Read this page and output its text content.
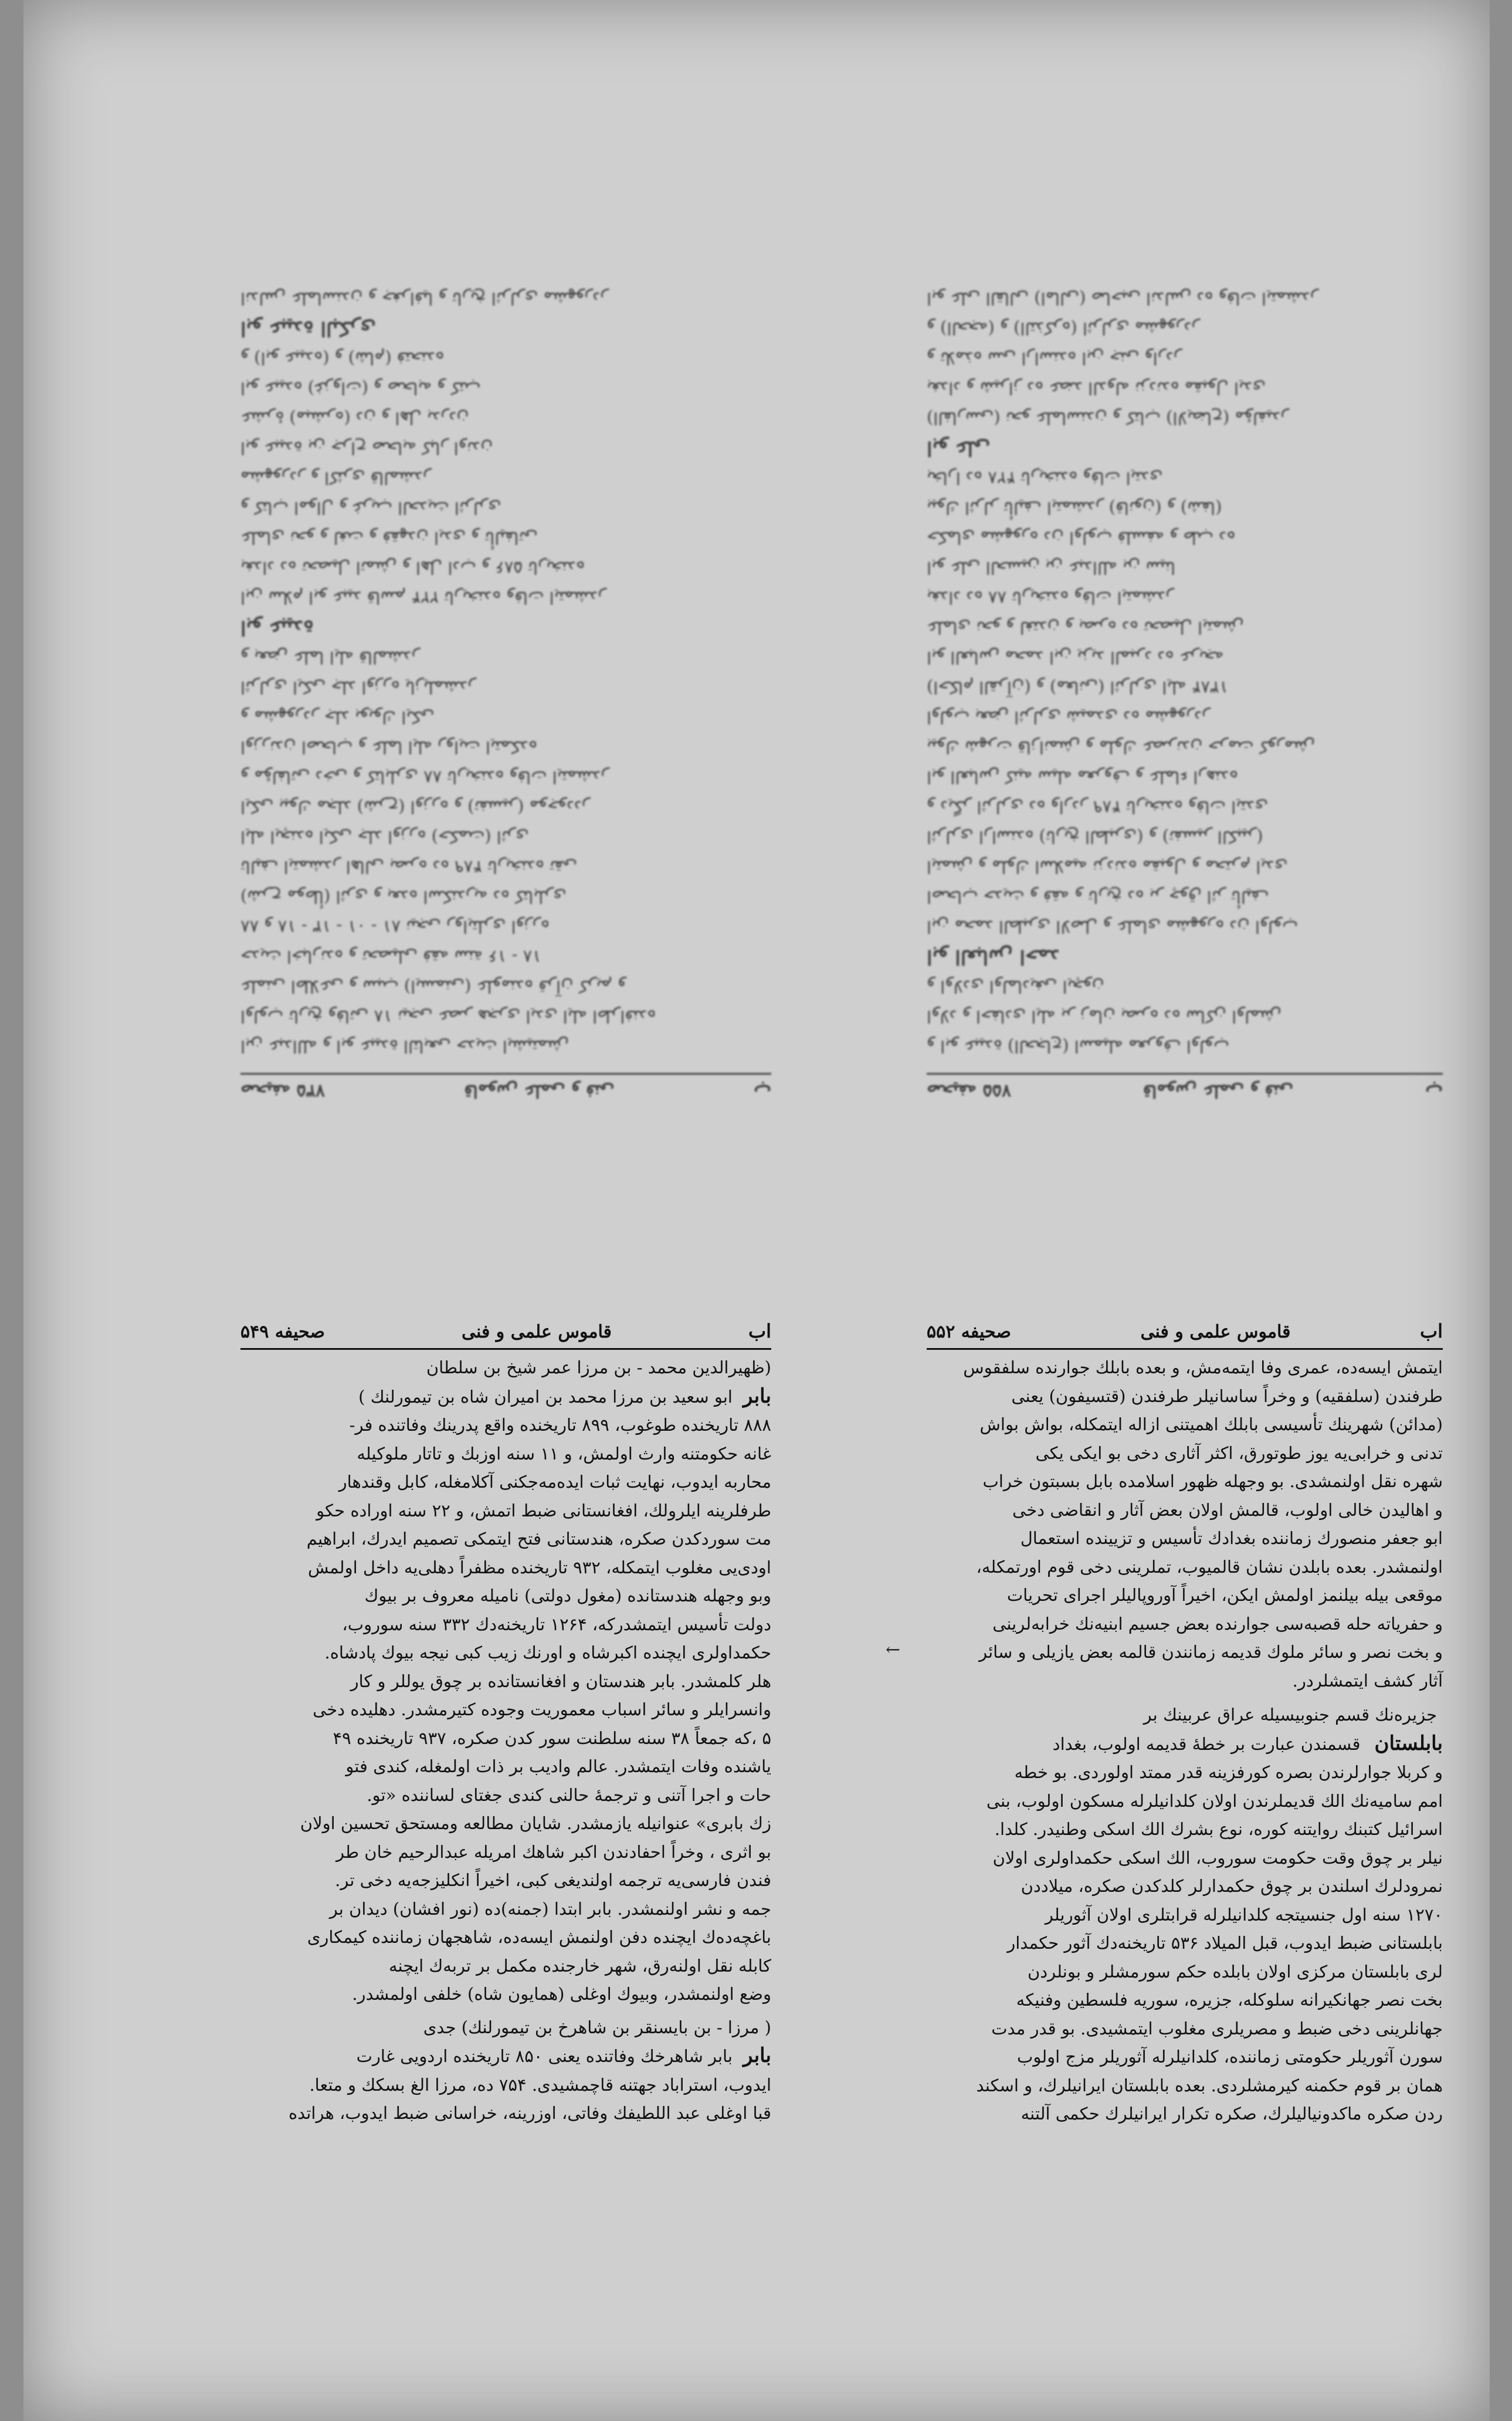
صحيفه ۷۳۵	قاموس علمى و فنى	ب

ابن عبدالله و ابو عبيدة التابعى حديث ايشيتمش

اولوب تاريخ وفاتى ۱۸ نيجى عصر هجرى ايدى ايله اطرافنده

علمنى اطلاعى و سبب (ايسمنى) علومنده قرآن كريم و

حديث اخبارنده و تحصيلى فقه سنة ۱۶ - ۱۸

۸۸ و ۱۸ - ۱۳ - ۰۱ - ۸۱ نيجى روايتلرى اوزره

(شرح موطأ) اثرى و بعده اسكندريه ده كتابلرى

تاليف ايتمشدر اهالى بصره ده ۴۸۹ تاريخنده تقى

ايله ايچنده ايكى جلد اوزره (حكمت) اثرى

ايكى بيوك مجلد (شرح) اوزره و (تفسير) موجوددر

و مؤلفاتى دخى و كتابلرى ۸۸ تاريخنده وفات ايتمشدر

اوزرندن اصحاب و علما ايله روايت ايتمكده

و مشهوردر جلد بويوك ايكى

اثرلرى ايكى جلد اوزره يازيلمشدر

و بعض علما ايله قالمشدر

ابو عبيدة

ابن سلام ابو عبيد قاسم ۲۲۴ تاريخنده وفات ايتمشدر

بغداد ده تحصيل اتمش و اهل ادب و ۵۸۶ تاريخنده

علماى نحو و لغت و فقهدن ايدى و تأليفاتى

و كتاب اموال و غريب الحديث اثرلرى

مشهوردر و اكثرى قالمشدر

ابو عبيدة بن جراح صحابه كبار اوندن

عشرۀ (مبشره) دن و اهل بدردن

ابو عبيده (غزوات) و صحابه و كتب

و (ابو عبيده) و (شام) فتحنده

ابو عبيدة البكرى

اندلس علماسندن و جغرافيا و تاريخ اثرلرى مشهوردر

صحيفه ۷۵۵	قاموس علمى و فنى	ب

و ابو عبيدة (الحجاج) اسميله معروف اولوب

اولاد و احفادى ايله بر زمان بصره ده ساكن اولمش

و اولادى اولماديغى ايچون

ابو العباس احمد

ابن محمد الطبرى الاصل و علماى مشهوره دن اولوب

اصحاب حديث و فقه و تاريخ ده بر چوق اثر تأليف

ايتمش و ملوك اسلاميه نزدنده مقبول و محترم ايدى

اثرلرى اراسنده (تاريخ الطبرى) و (تفسير الكبير)

و ديگر اثرلرى ده واردر ۴۸۹ تاريخنده وفات ايتدى

ابو العباس كنيه سيله معروف و علماء ارهنده

بيوك شهرت قازانمش و ملوك عصرندن حرمت كورمش

اولوب بعض اثرلرى شيمدى ده مشهوردر

(احكام القرآن) و (معانى) اثرلرى ايله ۱۳۸۴

ابو العباس محمد ابن يزيد المبرد ده عربجه

علماى نحو و لغتدن و بصره ده تحصيل ايتمش

بغداد ده ۸۸ تاريخنده وفات ايتمشدر

ابو على الحسين بن عبدالله بن سينا

حكماى مشهوره دن اولوب فلسفه و طب ده

بيوك اثرلر تأليف ايتمشدر (قانون) و (شفا)

بخارا ده ۴۲۸ تاريخنده وفات ايتدى

ابو على

(الفارسى) نحو علماسندن و كتاب (الايضاح) مؤلفيدر

بغداد و شيراز ده عضد الدوله نزدنده مقبول ايدى

و تلامذه سى اراسنده ابن جنى واردر

و (الحجه) و (التذكره) اثرلرى مشهوردر

ابو على القالى (امالى) صاحبى اندلس ده وفات ايتمشدر

اب
قاموس علمى و فنى
صحيفه ۵۴۹

(ظهيرالدين محمد - بن مرزا عمر شيخ بن سلطان

بابر

ابو سعيد بن مرزا محمد بن اميران شاه بن تيمورلنك )

۸۸۸ تاريخنده طوغوب، ۸۹۹ تاريخنده واقع پدرينك وفاتنده فر-

غانه حكومتنه وارث اولمش، و ۱۱ سنه اوزبك و تاتار ملوكيله

محاربه ايدوب، نهايت ثبات ايده‌مه‌جكنى آكلامغله، كابل وقندهار

طرفلرينه ايلرولك، افغانستانى ضبط اتمش، و ۲۲ سنه اوراده حكو

مت سوردكدن صكره، هندستانى فتح ايتمكى تصميم ايدرك، ابراهيم

اودى‌يى مغلوب ايتمكله، ۹۳۲ تاريخنده مظفراً دهلى‌يه داخل اولمش

وبو وجهله هندستانده (مغول دولتى) ناميله معروف بر بيوك

دولت تأسيس ايتمشدركه، ۱۲۶۴ تاريخنه‌دك ۳۳۲ سنه سوروب،

حكمداولرى ايچنده اكبرشاه و اورنك زيب كبى نيجه بيوك پادشاه.

هلر كلمشدر. بابر هندستان و افغانستانده بر چوق يوللر و كار

وانسرايلر و سائر اسباب معموريت وجوده كتيرمشدر. دهليده دخى

۵ ،كه جمعاً ۳۸ سنه سلطنت سور كدن صكره، ۹۳۷ تاريخنده ۴۹

ياشنده وفات ايتمشدر. عالم واديب بر ذات اولمغله، كندى فتو

حات و اجرا آتنى و ترجمۀ حالنى كندى جغتاى لساننده «تو.

زك بابرى» عنوانيله يازمشدر. شايان مطالعه ومستحق تحسين اولان

بو اثرى ، وخراً احفادندن اكبر شاهك امريله عبدالرحيم خان طر

فندن فارسى‌يه ترجمه اولنديغى كبى، اخيراً انكليزجه‌يه دخى تر.

جمه و نشر اولنمشدر. بابر ابتدا (جمنه)ده (نور افشان) ديدان بر

باغچه‌ده‌ك ايچنده دفن اولنمش ايسه‌ده، شاهجهان زماننده كيمكارى

كابله نقل اولنه‌رق، شهر خارجنده مكمل بر تربه‌ك ايچنه

وضع اولنمشدر، وبيوك اوغلى (همايون شاه) خلفى اولمشدر.

( مرزا - بن بايسنقر بن شاهرخ بن تيمورلنك) جدى

بابر

بابر شاهرخك وفاتنده يعنى ۸۵۰ تاريخنده اردويى غارت

ايدوب، استراباد جهتنه قاچمشيدى. ۷۵۴ ده، مرزا الغ بسكك و متعا.

قبا اوغلى عبد اللطيفك وفاتى، اوزرينه، خراسانى ضبط ايدوب، هراتده

اب
قاموس علمى و فنى
صحيفه ۵۵۲

ايتمش ايسه‌ده، عمرى وفا ايتمه‌مش، و بعده بابلك جوارنده سلفقوس

طرفندن (سلفقيه) و وخراً ساسانيلر طرفندن (قتسيفون) يعنى

(مدائن) شهرينك تأسيسى بابلك اهميتنى ازاله ايتمكله، بواش بواش

تدنى و خرابى‌يه يوز طوتورق، اكثر آثارى دخى بو ايكى يكى

شهره نقل اولنمشدى. بو وجهله ظهور اسلامده بابل بسبتون خراب

و اهاليدن خالى اولوب، قالمش اولان بعض آثار و انقاضى دخى

ابو جعفر منصورك زماننده بغدادك تأسيس و تزيينده استعمال

اولنمشدر. بعده بابلدن نشان قالميوب، تملرينى دخى قوم اورتمكله،

موقعى بيله بيلنمز اولمش ايكن، اخيراً آوروپاليلر اجراى تحريات

و حفرياته حله قصبه‌سى جوارنده بعض جسيم ابنيه‌نك خرابه‌لرينى

و بخت نصر و سائر ملوك قديمه زمانندن قالمه بعض يازيلى و سائر

آثار كشف ايتمشلردر.

جزيره‌نك قسم جنوبيسيله عراق عربينك بر

بابلستان

قسمندن عبارت بر خطۀ قديمه اولوب، بغداد

و كربلا جوارلرندن بصره كورفزينه قدر ممتد اولوردى. بو خطه

امم ساميه‌نك الك قديملرندن اولان كلدانيلرله مسكون اولوب، بنى

اسرائيل كتبنك روايتنه كوره، نوع بشرك الك اسكى وطنيدر. كلدا.

نيلر بر چوق وقت حكومت سوروب، الك اسكى حكمداولرى اولان

نمرودلرك اسلندن بر چوق حكمدارلر كلدكدن صكره، ميلاددن

۱۲۷۰ سنه اول جنسيتجه كلدانيلرله قرابتلرى اولان آثوريلر

بابلستانى ضبط ايدوب، قبل الميلاد ۵۳۶ تاريخنه‌دك آثور حكمدار

لرى بابلستان مركزى اولان بابلده حكم سورمشلر و بونلردن

بخت نصر جهانكيرانه سلوكله، جزيره، سوريه فلسطين وفنيكه

جهانلرينى دخى ضبط و مصريلرى مغلوب ايتمشيدى. بو قدر مدت

سورن آثوريلر حكومتى زماننده، كلدانيلرله آثوريلر مزج اولوب

همان بر قوم حكمنه كيرمشلردى. بعده بابلستان ايرانيلرك، و اسكند

ردن صكره ماكدونياليلرك، صكره تكرار ايرانيلرك حكمى آلتنه

←
